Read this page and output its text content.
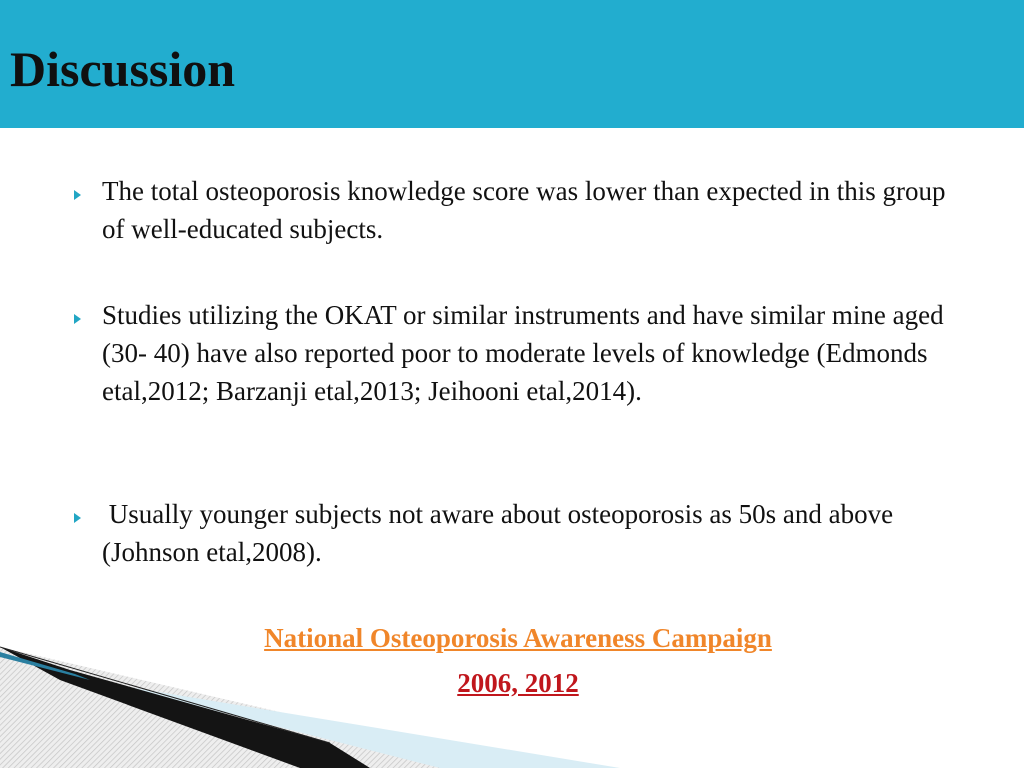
Discussion
The total osteoporosis knowledge score was lower than expected in this group of well-educated subjects.
Studies utilizing the OKAT or similar instruments and have similar mine aged (30- 40) have also reported poor to moderate levels of knowledge (Edmonds etal,2012; Barzanji etal,2013; Jeihooni etal,2014).
Usually younger subjects not aware about osteoporosis as 50s and above  (Johnson etal,2008).
National Osteoporosis Awareness Campaign
2006, 2012
